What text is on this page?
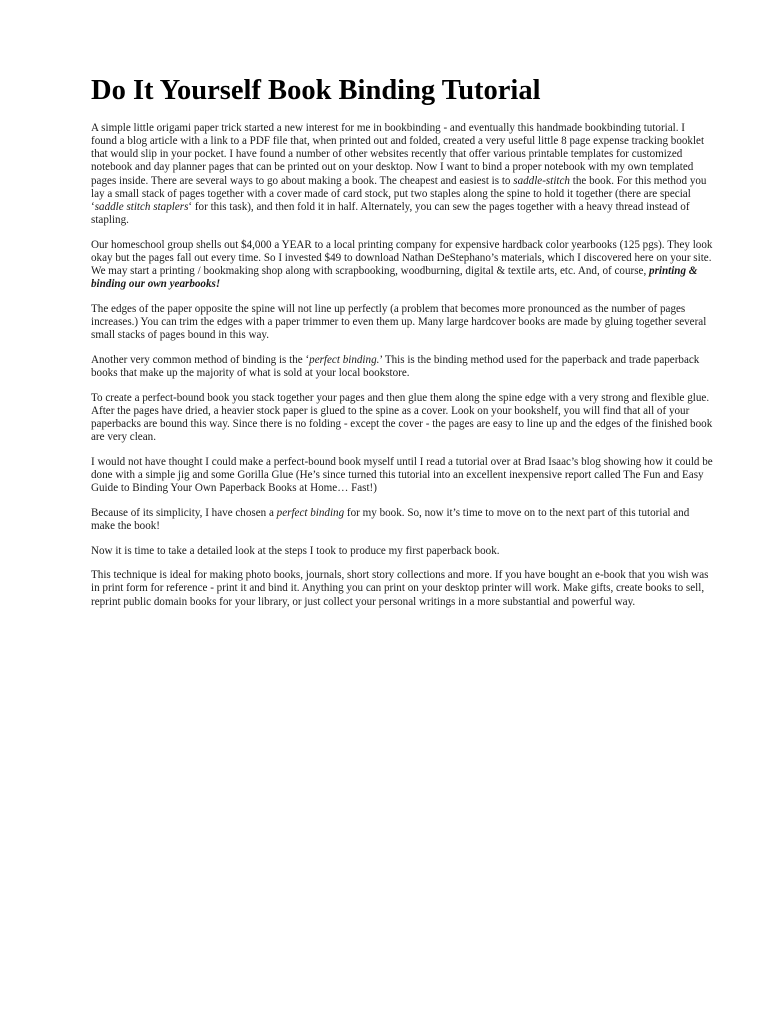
Do It Yourself Book Binding Tutorial

A simple little origami paper trick started a new interest for me in bookbinding - and eventually this handmade bookbinding tutorial. I found a blog article with a link to a PDF file that, when printed out and folded, created a very useful little 8 page expense tracking booklet that would slip in your pocket. I have found a number of other websites recently that offer various printable templates for customized notebook and day planner pages that can be printed out on your desktop. Now I want to bind a proper notebook with my own templated pages inside. There are several ways to go about making a book. The cheapest and easiest is to saddle-stitch the book. For this method you lay a small stack of pages together with a cover made of card stock, put two staples along the spine to hold it together (there are special ‘saddle stitch staplers‘ for this task), and then fold it in half. Alternately, you can sew the pages together with a heavy thread instead of stapling.

Our homeschool group shells out $4,000 a YEAR to a local printing company for expensive hardback color yearbooks (125 pgs). They look okay but the pages fall out every time. So I invested $49 to download Nathan DeStephano’s materials, which I discovered here on your site. We may start a printing / bookmaking shop along with scrapbooking, woodburning, digital & textile arts, etc. And, of course, printing & binding our own yearbooks!

The edges of the paper opposite the spine will not line up perfectly (a problem that becomes more pronounced as the number of pages increases.) You can trim the edges with a paper trimmer to even them up. Many large hardcover books are made by gluing together several small stacks of pages bound in this way.

Another very common method of binding is the ‘perfect binding.’ This is the binding method used for the paperback and trade paperback books that make up the majority of what is sold at your local bookstore.

To create a perfect-bound book you stack together your pages and then glue them along the spine edge with a very strong and flexible glue. After the pages have dried, a heavier stock paper is glued to the spine as a cover. Look on your bookshelf, you will find that all of your paperbacks are bound this way. Since there is no folding - except the cover - the pages are easy to line up and the edges of the finished book are very clean.

I would not have thought I could make a perfect-bound book myself until I read a tutorial over at Brad Isaac’s blog showing how it could be done with a simple jig and some Gorilla Glue (He’s since turned this tutorial into an excellent inexpensive report called The Fun and Easy Guide to Binding Your Own Paperback Books at Home… Fast!)

Because of its simplicity, I have chosen a perfect binding for my book. So, now it’s time to move on to the next part of this tutorial and make the book!

Now it is time to take a detailed look at the steps I took to produce my first paperback book.

This technique is ideal for making photo books, journals, short story collections and more. If you have bought an e-book that you wish was in print form for reference - print it and bind it. Anything you can print on your desktop printer will work. Make gifts, create books to sell, reprint public domain books for your library, or just collect your personal writings in a more substantial and powerful way.
